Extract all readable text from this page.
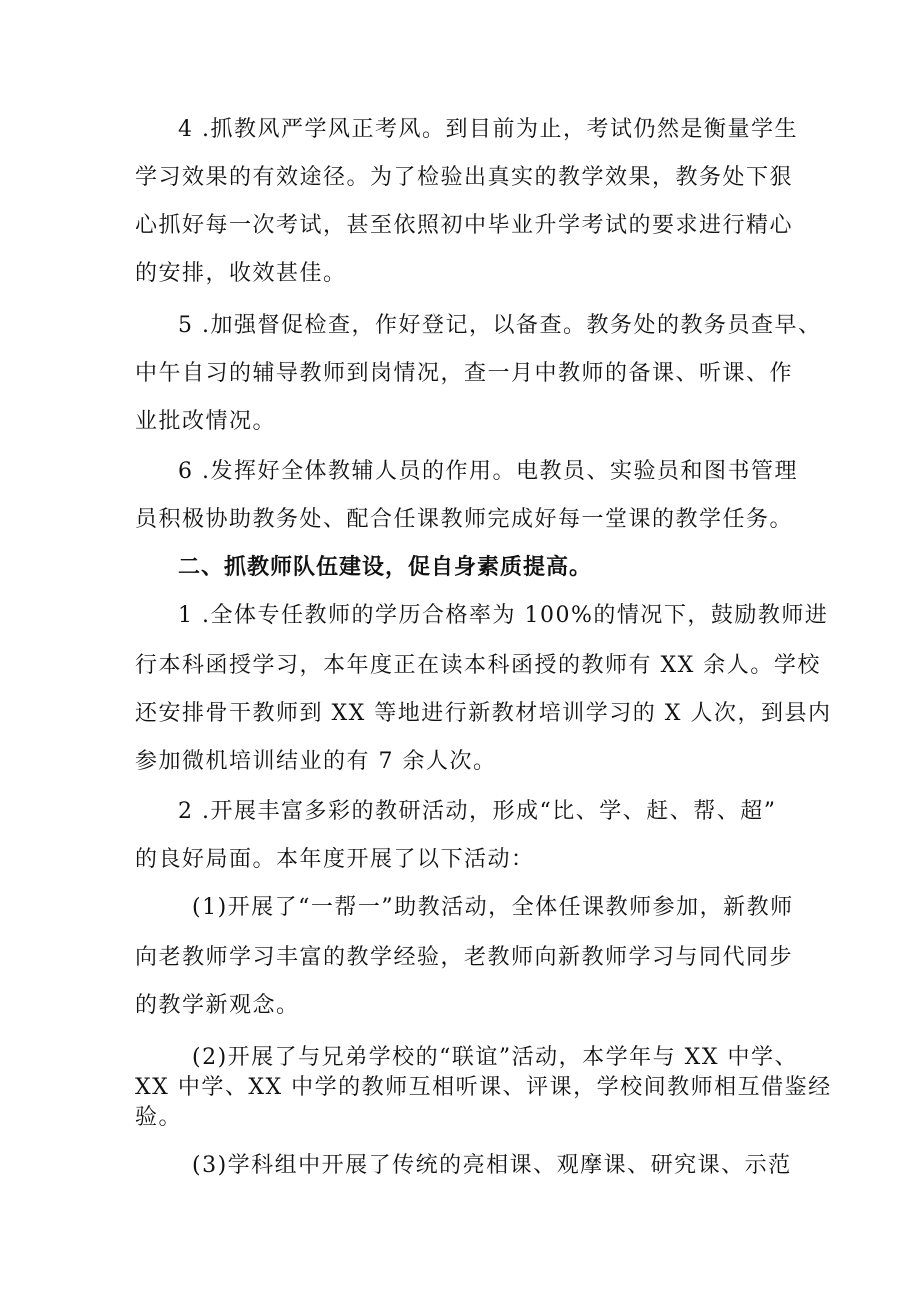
4 .抓教风严学风正考风。到目前为止，考试仍然是衡量学生

学习效果的有效途径。为了检验出真实的教学效果，教务处下狠

心抓好每一次考试，甚至依照初中毕业升学考试的要求进行精心

的安排，收效甚佳。

5 .加强督促检查，作好登记，以备查。教务处的教务员查早、

中午自习的辅导教师到岗情况，查一月中教师的备课、听课、作

业批改情况。

6 .发挥好全体教辅人员的作用。电教员、实验员和图书管理

员积极协助教务处、配合任课教师完成好每一堂课的教学任务。

二、抓教师队伍建设，促自身素质提高。

1 .全体专任教师的学历合格率为 100%的情况下，鼓励教师进

行本科函授学习，本年度正在读本科函授的教师有 XX 余人。学校

还安排骨干教师到 XX 等地进行新教材培训学习的 X 人次，到县内

参加微机培训结业的有 7 余人次。

2 .开展丰富多彩的教研活动，形成“比、学、赶、帮、超”

的良好局面。本年度开展了以下活动：

(1)开展了“一帮一”助教活动，全体任课教师参加，新教师

向老教师学习丰富的教学经验，老教师向新教师学习与同代同步

的教学新观念。

(2)开展了与兄弟学校的“联谊”活动，本学年与 XX 中学、

XX 中学、XX 中学的教师互相听课、评课，学校间教师相互借鉴经

验。

(3)学科组中开展了传统的亮相课、观摩课、研究课、示范
